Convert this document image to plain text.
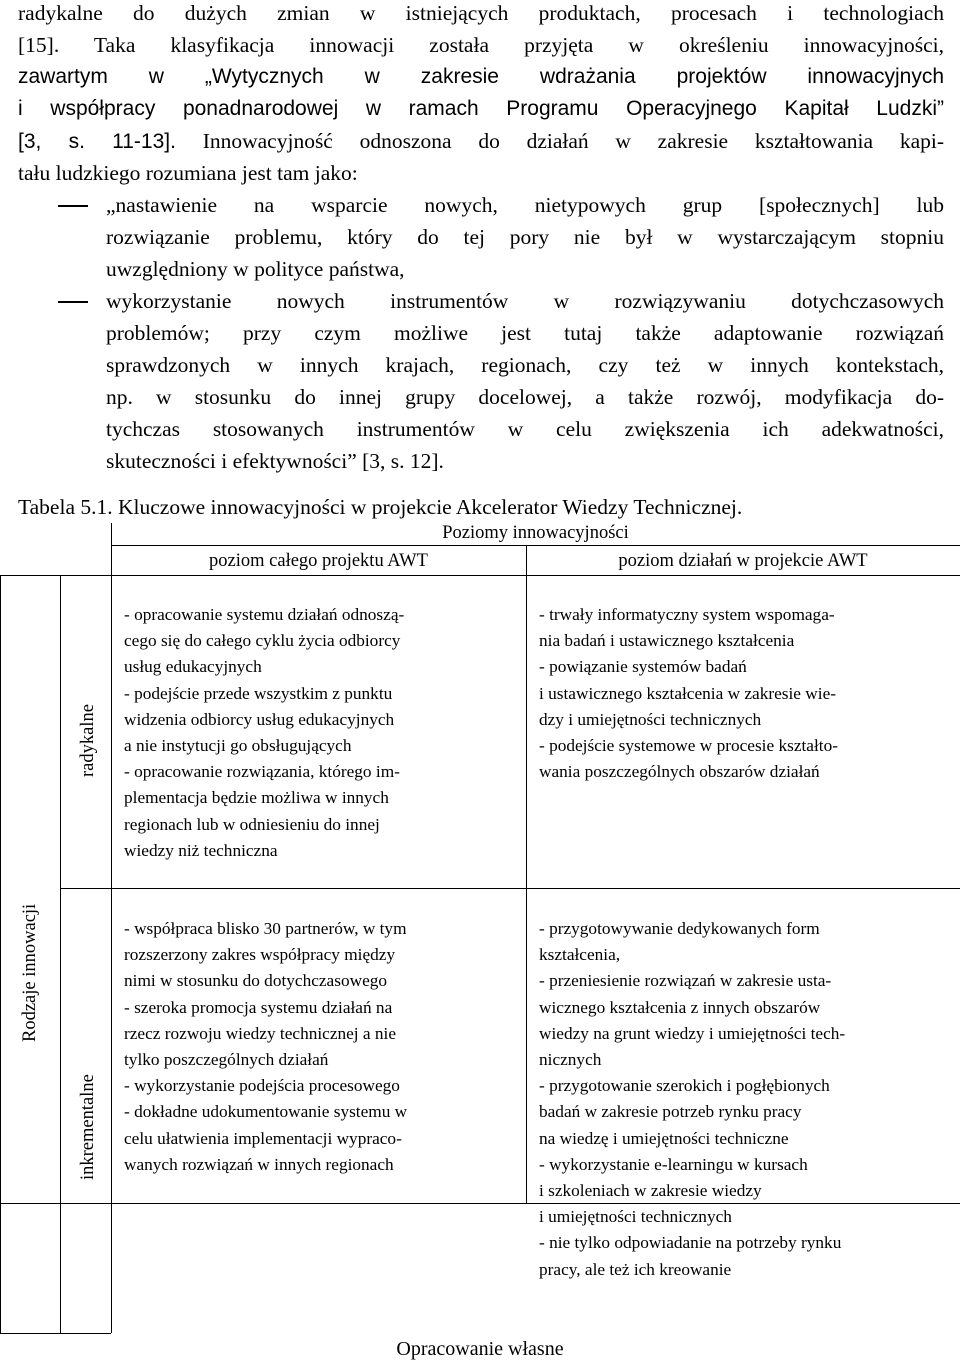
radykalne do dużych zmian w istniejących produktach, procesach i technologiach
[15]. Taka klasyfikacja innowacji została przyjęta w określeniu innowacyjności,
zawartym w „Wytycznych w zakresie wdrażania projektów innowacyjnych
i współpracy ponadnarodowej w ramach Programu Operacyjnego Kapitał Ludzki”
[3, s. 11-13]. Innowacyjność odnoszona do działań w zakresie kształtowania kapi-
tału ludzkiego rozumiana jest tam jako:
„nastawienie na wsparcie nowych, nietypowych grup [społecznych] lub
rozwiązanie problemu, który do tej pory nie był w wystarczającym stopniu
uwzględniony w polityce państwa,
wykorzystanie nowych instrumentów w rozwiązywaniu dotychczasowych
problemów; przy czym możliwe jest tutaj także adaptowanie rozwiązań
sprawdzonych w innych krajach, regionach, czy też w innych kontekstach,
np. w stosunku do innej grupy docelowej, a także rozwój, modyfikacja do-
tychczas stosowanych instrumentów w celu zwiększenia ich adekwatności,
skuteczności i efektywności” [3, s. 12].
Tabela 5.1. Kluczowe innowacyjności w projekcie Akcelerator Wiedzy Technicznej.
Poziomy innowacyjności
poziom całego projektu AWT	poziom działań w projekcie AWT
Rodzaje innowacji
radykalne
inkrementalne
- opracowanie systemu działań odnoszą-
cego się do całego cyklu życia odbiorcy
usług edukacyjnych
- podejście przede wszystkim z punktu
widzenia odbiorcy usług edukacyjnych
a nie instytucji go obsługujących
- opracowanie rozwiązania, którego im-
plementacja będzie możliwa w innych
regionach lub w odniesieniu do innej
wiedzy niż techniczna
- trwały informatyczny system wspomaga-
nia badań i ustawicznego kształcenia
- powiązanie systemów badań
i ustawicznego kształcenia w zakresie wie-
dzy i umiejętności technicznych
- podejście systemowe w procesie kształto-
wania poszczególnych obszarów działań
- współpraca blisko 30 partnerów, w tym
rozszerzony zakres współpracy między
nimi w stosunku do dotychczasowego
- szeroka promocja systemu działań na
rzecz rozwoju wiedzy technicznej a nie
tylko poszczególnych działań
- wykorzystanie podejścia procesowego
- dokładne udokumentowanie systemu w
celu ułatwienia implementacji wypraco-
wanych rozwiązań w innych regionach
- przygotowywanie dedykowanych form
kształcenia,
- przeniesienie rozwiązań w zakresie usta-
wicznego kształcenia z innych obszarów
wiedzy na grunt wiedzy i umiejętności tech-
nicznych
- przygotowanie szerokich i pogłębionych
badań w zakresie potrzeb rynku pracy
na wiedzę i umiejętności techniczne
- wykorzystanie e-learningu w kursach
i szkoleniach w zakresie wiedzy
i umiejętności technicznych
- nie tylko odpowiadanie na potrzeby rynku
pracy, ale też ich kreowanie
Opracowanie własne
